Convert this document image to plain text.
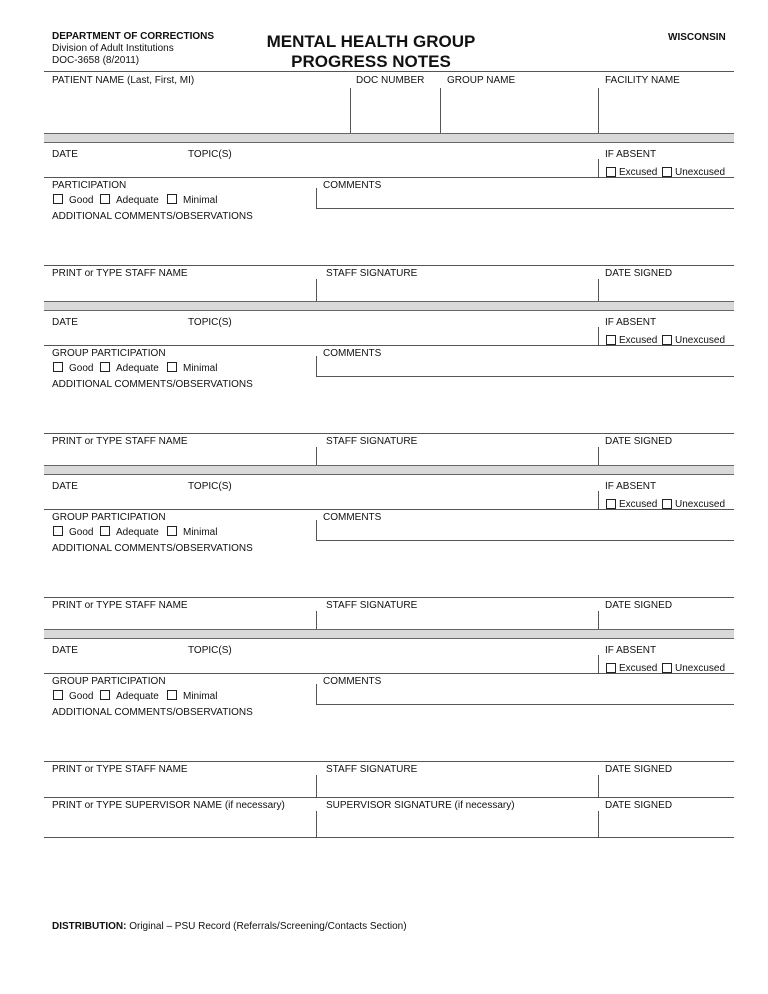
DEPARTMENT OF CORRECTIONS
Division of Adult Institutions
DOC-3658 (8/2011)
MENTAL HEALTH GROUP
PROGRESS NOTES
WISCONSIN
PATIENT NAME (Last, First, MI)	DOC NUMBER GROUP NAME	FACILITY NAME
DATE	TOPIC(S)	IF ABSENT
Excused Unexcused
PARTICIPATION	COMMENTS
Good Adequate Minimal
ADDITIONAL COMMENTS/OBSERVATIONS
PRINT or TYPE STAFF NAME	STAFF SIGNATURE	DATE SIGNED
DATE	TOPIC(S)	IF ABSENT
Excused Unexcused
GROUP PARTICIPATION	COMMENTS
Good Adequate Minimal
ADDITIONAL COMMENTS/OBSERVATIONS
PRINT or TYPE STAFF NAME	STAFF SIGNATURE	DATE SIGNED
DATE	TOPIC(S)	IF ABSENT
Excused Unexcused
GROUP PARTICIPATION	COMMENTS
Good Adequate Minimal
ADDITIONAL COMMENTS/OBSERVATIONS
PRINT or TYPE STAFF NAME	STAFF SIGNATURE	DATE SIGNED
DATE	TOPIC(S)	IF ABSENT
Excused Unexcused
GROUP PARTICIPATION	COMMENTS
Good Adequate Minimal
ADDITIONAL COMMENTS/OBSERVATIONS
PRINT or TYPE STAFF NAME	STAFF SIGNATURE	DATE SIGNED
PRINT or TYPE SUPERVISOR NAME (if necessary)	SUPERVISOR SIGNATURE (if necessary)	DATE SIGNED
DISTRIBUTION: Original – PSU Record (Referrals/Screening/Contacts Section)
